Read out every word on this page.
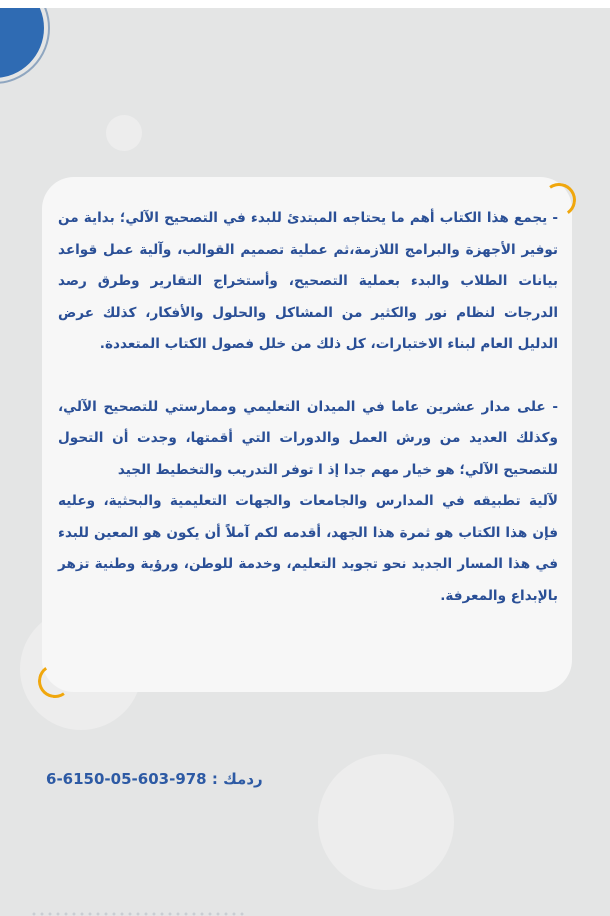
- يجمع هذا الكتاب أهم ما يحتاجه المبتدئ للبدء في التصحيح الآلي؛ بداية من توفير الأجهزة والبرامج اللازمة،ثم عملية تصميم القوالب، وآلية عمل قواعد بيانات الطلاب والبدء بعملية التصحيح، وأستخراج التقارير وطرق رصد الدرجات لنظام نور والكثير من المشاكل والحلول والأفكار، كذلك عرض الدليل العام لبناء الاختبارات، كل ذلك من خلل فصول الكتاب المتعددة.

- على مدار عشرين عاما في الميدان التعليمي وممارستي للتصحيح الآلي، وكذلك العديد من ورش العمل والدورات التي أقمتها، وجدت أن التحول للتصحيح الآلي؛ هو خيار مهم جدا إذ ا توفر التدريب والتخطيط الجيد
لآلية تطبيقه في المدارس والجامعات والجهات التعليمية والبحثية، وعليه فإن هذا الكتاب هو ثمرة هذا الجهد، أقدمه لكم آملاً أن يكون هو المعين للبدء في هذا المسار الجديد نحو تجويد التعليم، وخدمة للوطن، ورؤية وطنية تزهر بالإبداع والمعرفة.

ردمك : 978-603-05-6150-6
